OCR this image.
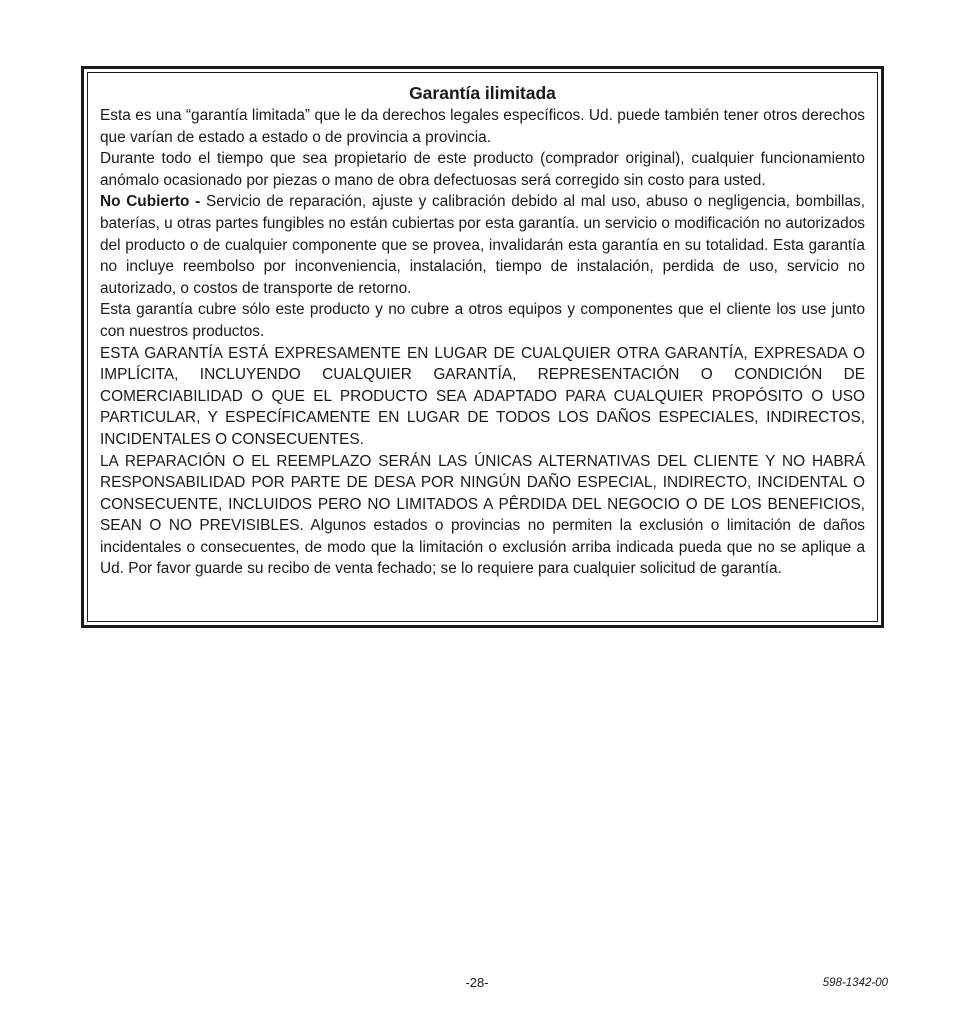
Garantía ilimitada

Esta es una “garantía limitada” que le da derechos legales específicos. Ud. puede también tener otros derechos que varían de estado a estado o de provincia a provincia.

Durante todo el tiempo que sea propietario de este producto (comprador original), cualquier funcionamiento anómalo ocasionado por piezas o mano de obra defectuosas será corregido sin costo para usted.

No Cubierto - Servicio de reparación, ajuste y calibración debido al mal uso, abuso o negligencia, bombillas, baterías, u otras partes fungibles no están cubiertas por esta garantía. un servicio o modificación no autorizados del producto o de cualquier componente que se provea, invalidarán esta garantía en su totalidad. Esta garantía no incluye reembolso por inconveniencia, instalación, tiempo de instalación, perdida de uso, servicio no autorizado, o costos de transporte de retorno.

Esta garantía cubre sólo este producto y no cubre a otros equipos y componentes que el cliente los use junto con nuestros productos.

ESTA GARANTÍA ESTÁ EXPRESAMENTE EN LUGAR DE CUALQUIER OTRA GARANTÍA, EXPRESADA O IMPLÍCITA, INCLUYENDO CUALQUIER GARANTÍA, REPRESENTACIÓN O CONDICIÓN DE COMERCIABILIDAD O QUE EL PRODUCTO SEA ADAPTADO PARA CUALQUIER PROPÓSITO O USO PARTICULAR, Y ESPECÍFICAMENTE EN LUGAR DE TODOS LOS DAÑOS ESPECIALES, INDIRECTOS, INCIDENTALES O CONSECUENTES.

LA REPARACIÓN O EL REEMPLAZO SERÁN LAS ÚNICAS ALTERNATIVAS DEL CLIENTE Y NO HABRÁ RESPONSABILIDAD POR PARTE DE DESA POR NINGÚN DAÑO ESPECIAL, INDIRECTO, INCIDENTAL O CONSECUENTE, INCLUIDOS PERO NO LIMITADOS A PÊRDIDA DEL NEGOCIO O DE LOS BENEFICIOS, SEAN O NO PREVISIBLES. Algunos estados o provincias no permiten la exclusión o limitación de daños incidentales o consecuentes, de modo que la limitación o exclusión arriba indicada pueda que no se aplique a Ud. Por favor guarde su recibo de venta fechado; se lo requiere para cualquier solicitud de garantía.

-28-	598-1342-00
